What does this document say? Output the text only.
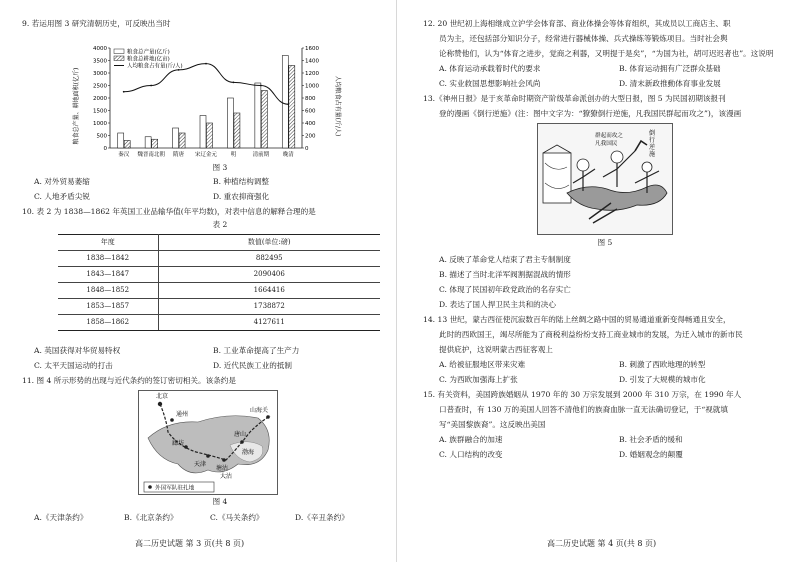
9. 若运用图 3 研究清朝历史，可反映出当时
0
500
1000
1500
2000
2500
3000
3500
4000
0
200
400
600
800
1000
1200
1400
1600
秦汉 魏晋南北朝 隋唐 宋辽金元 明	清前期 晚清
粮食总产量(亿斤)
粮食总耕地(亿亩)
人均粮食占有量(斤/人)
粮食总产量、耕地面积(亿斤)	人均粮食占有量(斤/人)
图 3
A. 对外贸易萎缩	B. 种植结构调整
C. 人地矛盾尖锐	D. 重农抑商强化
10. 表 2 为 1838—1862 年英国工业品输华值(年平均数)，对表中信息的解释合理的是
表 2
年度	数值(单位:磅)
1838—1842	882495
1843—1847	2090406
1848—1852	1664416
1853—1857	1738872
1858—1862	4127611
A. 英国获得对华贸易特权	B. 工业革命提高了生产力
C. 太平天国运动的打击	D. 近代民族工业的抵制
11. 图 4 所示形势的出现与近代条约的签订密切相关。该条约是
北京
通州
廊坊
天津
塘沽
山海关
大沽
唐山
渤海
外国军队驻扎地
图 4
A.《天津条约》	B.《北京条约》	C.《马关条约》	D.《辛丑条约》
高二历史试题 第 3 页(共 8 页)
12. 20 世纪初上海相继成立沪学会体育部、商业体操会等体育组织，其成员以工商店主、职
员为主，还包括部分知识分子，经常进行器械体操、兵式操练等锻炼项目。当时社会舆
论称赞他们，认为“体育之进步，觉商之利器，又明提于是矣”，“为国为社，胡可迟迟者也”。这说明
A. 体育运动承载着时代的要求	B. 体育运动拥有广泛群众基础
C. 实业救国思想影响社会风尚	D. 清末新政推動体育事业发展
13.《神州日报》是于亥革命时期资产阶级革命派创办的大型日报，图 5 为民国初期该报刊
登的漫画《倒行逆施》(注：图中文字为：“獠獠倒行逆施，凡我国民群起而攻之”)，该漫画
倒
行
逆
施
群起而攻之
凡我国民
图 5
A. 反映了革命党人结束了君主专制制度
B. 描述了当时北洋军阀割据混战的情形
C. 体现了民国初年政党政治的名存实亡
D. 表达了国人捍卫民主共和的决心
14. 13 世纪，蒙古西征使沉寂数百年的陆上丝绸之路中国的贸易通道重新变得畅通且安全，
此时的西欧国王，竭尽所能为了商税利益纷纷支持工商业城市的发展，为迁入城市的新市民
提供庇护，这说明蒙古西征客观上
A. 给被征服地区带来灾难	B. 刺激了西欧地理的转型
C. 为西欧加强海上扩张	D. 引发了大规模的城市化
15. 有关资料，美国跨族婚姻从 1970 年的 30 万宗发展到 2000 年 310 万宗，在 1990 年人
口普查时，有 130 万的美国人回答不清他们的族裔血脉一直无法确切登记，于“视就填
写“美国黎族裔”。这反映出美国
A. 族群融合的加速	B. 社会矛盾的缓和
C. 人口结构的改变	D. 婚姻观念的颠覆
高二历史试题 第 4 页(共 8 页)
